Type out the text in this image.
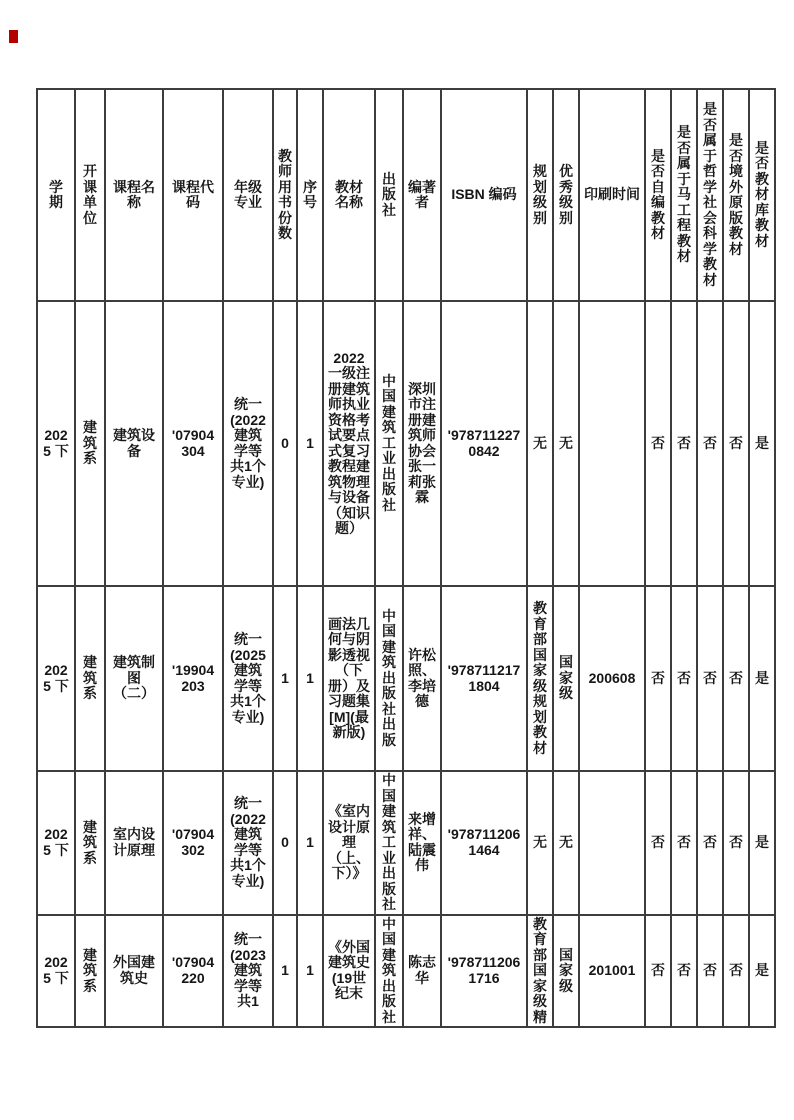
学期	开课单位	课程名称	课程代码	年级专业	教师用书份数	序号	教材名称	出版社	编著者	ISBN 编码	规划级别	优秀级别	印刷时间	是否自编教材	是否属于马工程教材	是否属于哲学社会科学教材	是否境外原版教材	是否教材库教材
2025 下	建筑系	建筑设备	'07904304	统一(2022建筑学等共1个专业)	0	1	2022一级注册建筑师执业资格考试要点式复习教程建筑物理与设备（知识题）	中国建筑工业出版社	深圳市注册建筑师协会张一莉张霖	'9787112270842	无	无		否	否	否	否	是
2025 下	建筑系	建筑制图（二）	'19904203	统一(2025建筑学等共1个专业)	1	1	画法几何与阴影透视（下册）及习题集[M](最新版)	中国建筑出版社出版	许松照、李培德	'9787112171804	教育部国家级规划教材	国家级	200608	否	否	否	否	是
2025 下	建筑系	室内设计原理	'07904302	统一(2022建筑学等共1个专业)	0	1	《室内设计原理（上、下）》	中国建筑工业出版社	来增祥、陆震伟	'9787112061464	无	无		否	否	否	否	是
2025 下	建筑系	外国建筑史	'07904220	统一(2023建筑学等共1	1	1	《外国建筑史(19世纪末	中国建筑出版社	陈志华	'9787112061716	教育部国家级精	国家级	201001	否	否	否	否	是
